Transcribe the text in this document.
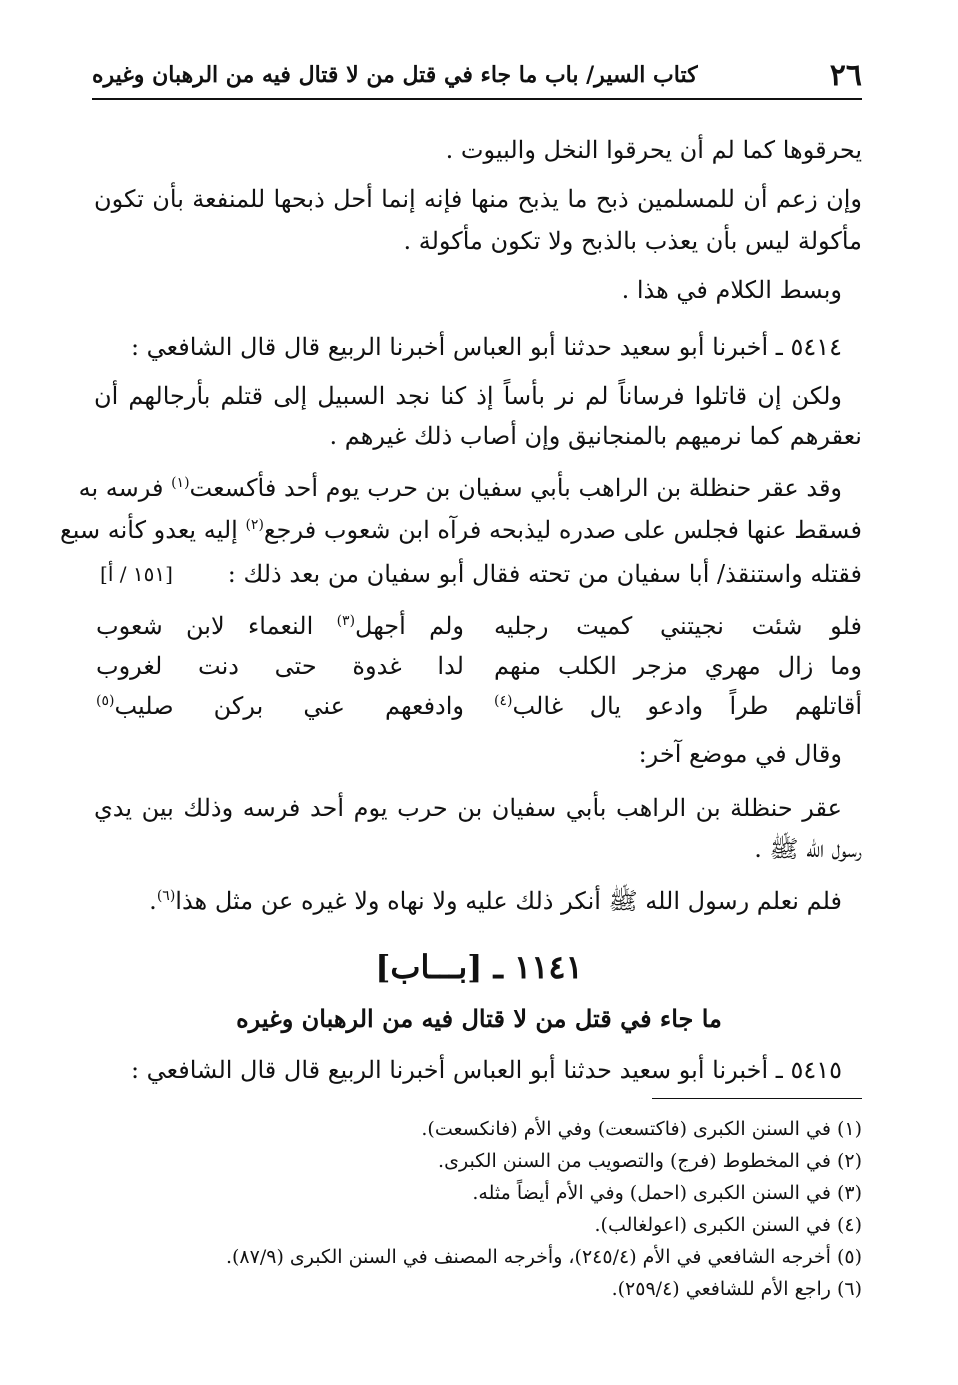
٢٦
كتاب السير/ باب ما جاء في قتل من لا قتال فيه من الرهبان وغيره
يحرقوها كما لم أن يحرقوا النخل والبيوت .
وإن زعم أن للمسلمين ذبح ما يذبح منها فإنه إنما أحل ذبحها للمنفعة بأن تكون
مأكولة ليس بأن يعذب بالذبح ولا تكون مأكولة .
وبسط الكلام في هذا .
٥٤١٤ ـ أخبرنا أبو سعيد حدثنا أبو العباس أخبرنا الربيع قال قال الشافعي :
ولكن إن قاتلوا فرساناً لم نر بأساً إذ كنا نجد السبيل إلى قتلم بأرجالهم أن
نعقرهم كما نرميهم بالمنجانيق وإن أصاب ذلك غيرهم .
وقد عقر حنظلة بن الراهب بأبي سفيان بن حرب يوم أحد فأكسعت$^{(١)}$ فرسه به
فسقط عنها فجلس على صدره ليذبحه فرآه ابن شعوب فرجع$^{(٢)}$ إليه يعدو كأنه سبع
فقتله واستنقذ/ أبا سفيان من تحته فقال أبو سفيان من بعد ذلك :
[١٥١ / أ]
فلو شئت نجيتني كميت رجليه
ولم أجهل$^{(٣)}$ النعماء لابن شعوب
وما زال مهري مزجر الكلب منهم
لدا غدوة حتى دنت لغروب
أقاتلهم طراً وادعو يال غالب$^{(٤)}$
وادفعهم عني بركن صليب$^{(٥)}$
وقال في موضع آخر:
عقر حنظلة بن الراهب بأبي سفيان بن حرب يوم أحد فرسه وذلك بين يدي
رسول الله ﷺ .
فلم نعلم رسول الله ﷺ أنكر ذلك عليه ولا نهاه ولا غيره عن مثل هذا$^{(٦)}$.
١١٤١ ـ [بـــاب]
ما جاء في قتل من لا قتال فيه من الرهبان وغيره
٥٤١٥ ـ أخبرنا أبو سعيد حدثنا أبو العباس أخبرنا الربيع قال قال الشافعي :
(١) في السنن الكبرى (فاكتسعت) وفي الأم (فانكسعت).
(٢) في المخطوط (فرج) والتصويب من السنن الكبرى.
(٣) في السنن الكبرى (احمل) وفي الأم أيضاً مثله.
(٤) في السنن الكبرى (اعولغالب).
(٥) أخرجه الشافعي في الأم (٢٤٥/٤)، وأخرجه المصنف في السنن الكبرى (٨٧/٩).
(٦) راجع الأم للشافعي (٢٥٩/٤).
